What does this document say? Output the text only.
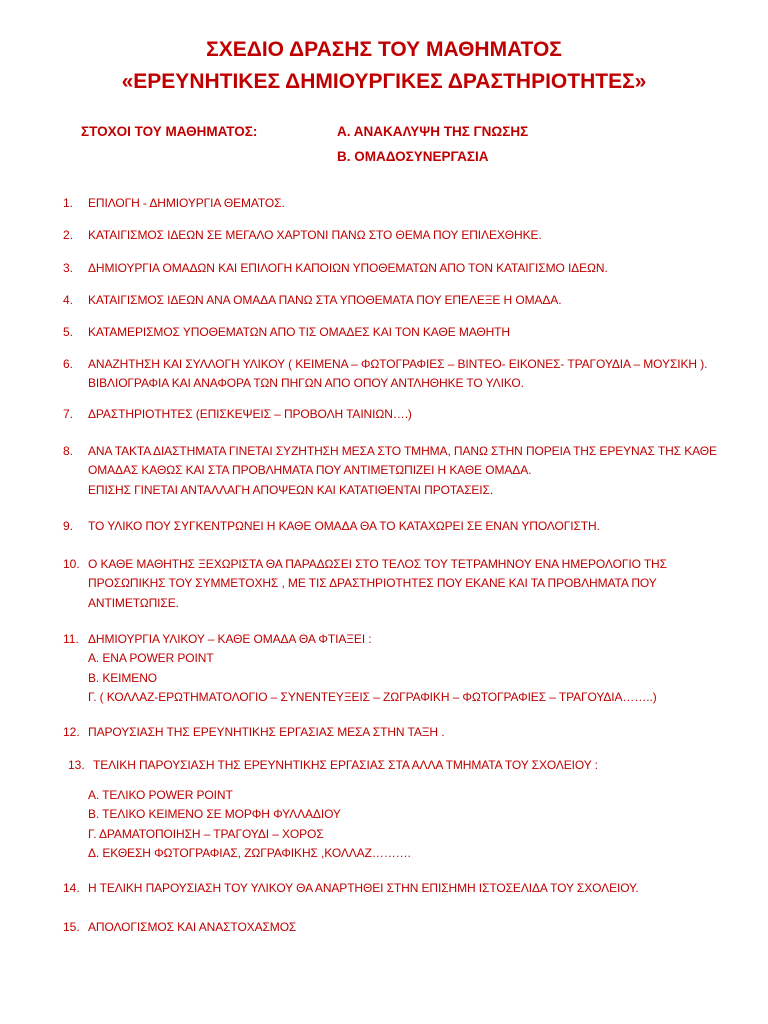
ΣΧΕΔΙΟ ΔΡΑΣΗΣ ΤΟΥ ΜΑΘΗΜΑΤΟΣ
«ΕΡΕΥΝΗΤΙΚΕΣ ΔΗΜΙΟΥΡΓΙΚΕΣ ΔΡΑΣΤΗΡΙΟΤΗΤΕΣ»
ΣΤΟΧΟΙ ΤΟΥ ΜΑΘΗΜΑΤΟΣ:	Α. ΑΝΑΚΑΛΥΨΗ ΤΗΣ ΓΝΩΣΗΣ
Β. ΟΜΑΔΟΣΥΝΕΡΓΑΣΙΑ
1. ΕΠΙΛΟΓΗ - ΔΗΜΙΟΥΡΓΙΑ ΘΕΜΑΤΟΣ.
2. ΚΑΤΑΙΓΙΣΜΟΣ ΙΔΕΩΝ ΣΕ ΜΕΓΑΛΟ ΧΑΡΤΟΝΙ ΠΑΝΩ ΣΤΟ ΘΕΜΑ ΠΟΥ ΕΠΙΛΕΧΘΗΚΕ.
3. ΔΗΜΙΟΥΡΓΙΑ ΟΜΑΔΩΝ ΚΑΙ ΕΠΙΛΟΓΗ ΚΑΠΟΙΩΝ ΥΠΟΘΕΜΑΤΩΝ ΑΠΟ ΤΟΝ ΚΑΤΑΙΓΙΣΜΟ ΙΔΕΩΝ.
4. ΚΑΤΑΙΓΙΣΜΟΣ ΙΔΕΩΝ ΑΝΑ ΟΜΑΔΑ ΠΑΝΩ ΣΤΑ ΥΠΟΘΕΜΑΤΑ ΠΟΥ ΕΠΕΛΕΞΕ Η ΟΜΑΔΑ.
5. ΚΑΤΑΜΕΡΙΣΜΟΣ ΥΠΟΘΕΜΑΤΩΝ ΑΠΟ ΤΙΣ ΟΜΑΔΕΣ ΚΑΙ ΤΟΝ ΚΑΘΕ ΜΑΘΗΤΗ
6. ΑΝΑΖΗΤΗΣΗ ΚΑΙ ΣΥΛΛΟΓΗ ΥΛΙΚΟΥ ( ΚΕΙΜΕΝΑ – ΦΩΤΟΓΡΑΦΙΕΣ – ΒΙΝΤΕΟ- ΕΙΚΟΝΕΣ- ΤΡΑΓΟΥΔΙΑ – ΜΟΥΣΙΚΗ ).
ΒΙΒΛΙΟΓΡΑΦΙΑ ΚΑΙ ΑΝΑΦΟΡΑ ΤΩΝ ΠΗΓΩΝ ΑΠΟ ΟΠΟΥ ΑΝΤΛΗΘΗΚΕ ΤΟ ΥΛΙΚΟ.
7. ΔΡΑΣΤΗΡΙΟΤΗΤΕΣ (ΕΠΙΣΚΕΨΕΙΣ – ΠΡΟΒΟΛΗ ΤΑΙΝΙΩΝ….)
8. ΑΝΑ ΤΑΚΤΑ ΔΙΑΣΤΗΜΑΤΑ ΓΙΝΕΤΑΙ ΣΥΖΗΤΗΣΗ ΜΕΣΑ ΣΤΟ ΤΜΗΜΑ, ΠΑΝΩ ΣΤΗΝ ΠΟΡΕΙΑ ΤΗΣ ΕΡΕΥΝΑΣ ΤΗΣ ΚΑΘΕ
ΟΜΑΔΑΣ ΚΑΘΩΣ ΚΑΙ ΣΤΑ ΠΡΟΒΛΗΜΑΤΑ ΠΟΥ ΑΝΤΙΜΕΤΩΠΙΖΕΙ Η ΚΑΘΕ ΟΜΑΔΑ.
ΕΠΙΣΗΣ ΓΙΝΕΤΑΙ ΑΝΤΑΛΛΑΓΗ ΑΠΟΨΕΩΝ ΚΑΙ ΚΑΤΑΤΙΘΕΝΤΑΙ ΠΡΟΤΑΣΕΙΣ.
9. ΤΟ ΥΛΙΚΟ ΠΟΥ ΣΥΓΚΕΝΤΡΩΝΕΙ Η ΚΑΘΕ ΟΜΑΔΑ ΘΑ ΤΟ ΚΑΤΑΧΩΡΕΙ ΣΕ ΕΝΑΝ ΥΠΟΛΟΓΙΣΤΗ.
10. Ο ΚΑΘΕ ΜΑΘΗΤΗΣ ΞΕΧΩΡΙΣΤΑ ΘΑ ΠΑΡΑΔΩΣΕΙ ΣΤΟ ΤΕΛΟΣ ΤΟΥ ΤΕΤΡΑΜΗΝΟΥ ΕΝΑ ΗΜΕΡΟΛΟΓΙΟ ΤΗΣ
ΠΡΟΣΩΠΙΚΗΣ ΤΟΥ ΣΥΜΜΕΤΟΧΗΣ , ΜΕ ΤΙΣ ΔΡΑΣΤΗΡΙΟΤΗΤΕΣ ΠΟΥ ΕΚΑΝΕ ΚΑΙ ΤΑ ΠΡΟΒΛΗΜΑΤΑ ΠΟΥ
ΑΝΤΙΜΕΤΩΠΙΣΕ.
11. ΔΗΜΙΟΥΡΓΙΑ ΥΛΙΚΟΥ – ΚΑΘΕ ΟΜΑΔΑ ΘΑ ΦΤΙΑΞΕΙ :
Α. ΕΝΑ POWER POINT
Β. ΚΕΙΜΕΝΟ
Γ. ( ΚΟΛΛΑΖ-ΕΡΩΤΗΜΑΤΟΛΟΓΙΟ – ΣΥΝΕΝΤΕΥΞΕΙΣ – ΖΩΓΡΑΦΙΚΗ – ΦΩΤΟΓΡΑΦΙΕΣ – ΤΡΑΓΟΥΔΙΑ……..)
12. ΠΑΡΟΥΣΙΑΣΗ ΤΗΣ ΕΡΕΥΝΗΤΙΚΗΣ ΕΡΓΑΣΙΑΣ ΜΕΣΑ ΣΤΗΝ ΤΑΞΗ .
13. ΤΕΛΙΚΗ ΠΑΡΟΥΣΙΑΣΗ ΤΗΣ ΕΡΕΥΝΗΤΙΚΗΣ ΕΡΓΑΣΙΑΣ ΣΤΑ ΑΛΛΑ ΤΜΗΜΑΤΑ ΤΟΥ ΣΧΟΛΕΙΟΥ :
Α. ΤΕΛΙΚΟ POWER POINT
Β. ΤΕΛΙΚΟ ΚΕΙΜΕΝΟ ΣΕ ΜΟΡΦΗ ΦΥΛΛΑΔΙΟΥ
Γ. ΔΡΑΜΑΤΟΠΟΙΗΣΗ – ΤΡΑΓΟΥΔΙ – ΧΟΡΟΣ
Δ. ΕΚΘΕΣΗ ΦΩΤΟΓΡΑΦΙΑΣ, ΖΩΓΡΑΦΙΚΗΣ ,ΚΟΛΛΑΖ……….
14. Η ΤΕΛΙΚΗ ΠΑΡΟΥΣΙΑΣΗ ΤΟΥ ΥΛΙΚΟΥ ΘΑ ΑΝΑΡΤΗΘΕΙ ΣΤΗΝ ΕΠΙΣΗΜΗ ΙΣΤΟΣΕΛΙΔΑ ΤΟΥ ΣΧΟΛΕΙΟΥ.
15. ΑΠΟΛΟΓΙΣΜΟΣ ΚΑΙ ΑΝΑΣΤΟΧΑΣΜΟΣ
